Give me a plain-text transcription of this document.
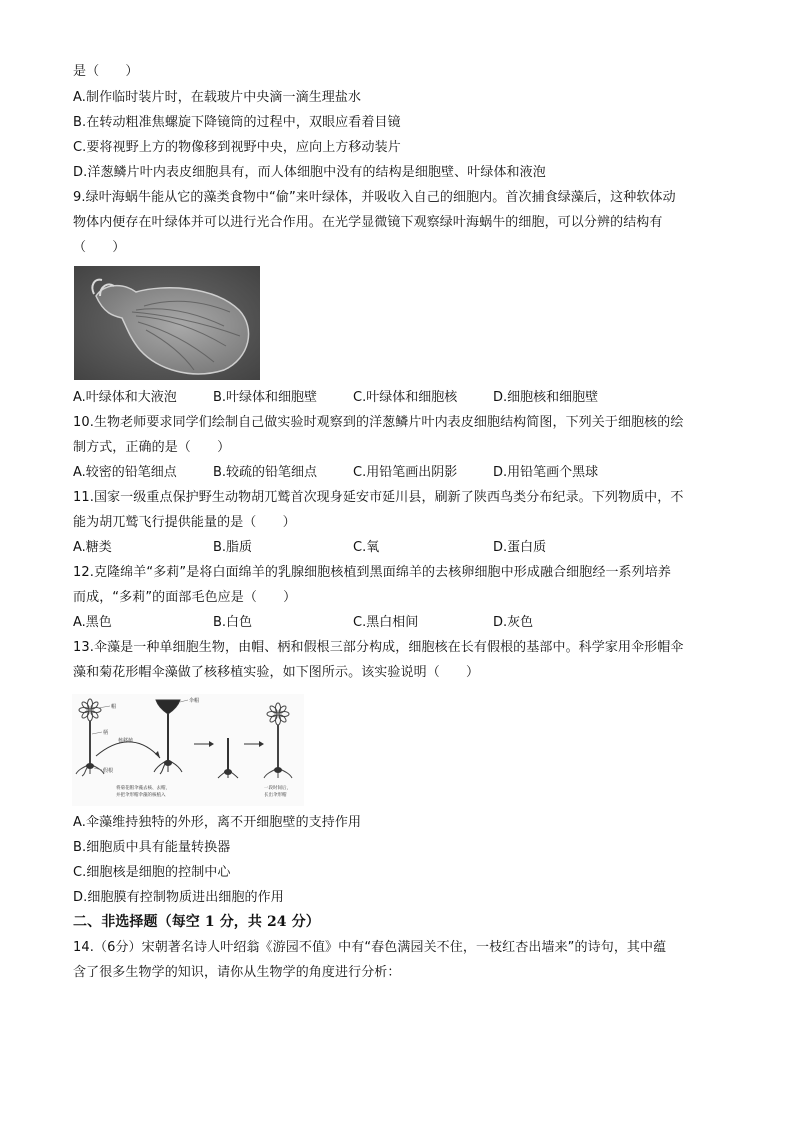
是（　　）
A.制作临时装片时，在载玻片中央滴一滴生理盐水
B.在转动粗准焦螺旋下降镜筒的过程中，双眼应看着目镜
C.要将视野上方的物像移到视野中央，应向上方移动装片
D.洋葱鳞片叶内表皮细胞具有，而人体细胞中没有的结构是细胞壁、叶绿体和液泡
9.绿叶海蜗牛能从它的藻类食物中“偷”来叶绿体，并吸收入自己的细胞内。首次捕食绿藻后，这种软体动
物体内便存在叶绿体并可以进行光合作用。在光学显微镜下观察绿叶海蜗牛的细胞，可以分辨的结构有
（　　）
A.叶绿体和大液泡	B.叶绿体和细胞壁	C.叶绿体和细胞核	D.细胞核和细胞壁
10.生物老师要求同学们绘制自己做实验时观察到的洋葱鳞片叶内表皮细胞结构简图，下列关于细胞核的绘
制方式，正确的是（　　）
A.较密的铅笔细点	B.较疏的铅笔细点	C.用铅笔画出阴影	D.用铅笔画个黑球
11.国家一级重点保护野生动物胡兀鹫首次现身延安市延川县，刷新了陕西鸟类分布纪录。下列物质中，不
能为胡兀鹫飞行提供能量的是（　　）
A.糖类	B.脂质	C.氧	D.蛋白质
12.克隆绵羊“多莉”是将白面绵羊的乳腺细胞核植到黑面绵羊的去核卵细胞中形成融合细胞经一系列培养
而成，“多莉”的面部毛色应是（　　）
A.黑色	B.白色	C.黑白相间	D.灰色
13.伞藻是一种单细胞生物，由帽、柄和假根三部分构成，细胞核在长有假根的基部中。科学家用伞形帽伞
藻和菊花形帽伞藻做了核移植实验，如下图所示。该实验说明（　　）
帽
柄
核移植
假根
伞帽
将菊花帽伞藻去核、去帽，
并把伞形帽伞藻的核植入
一段时间后，
长出伞形帽
A.伞藻维持独特的外形，离不开细胞壁的支持作用
B.细胞质中具有能量转换器
C.细胞核是细胞的控制中心
D.细胞膜有控制物质进出细胞的作用
二、非选择题（每空 1 分，共 24 分）
14.（6分）宋朝著名诗人叶绍翁《游园不值》中有“春色满园关不住，一枝红杏出墙来”的诗句，其中蕴
含了很多生物学的知识，请你从生物学的角度进行分析：
